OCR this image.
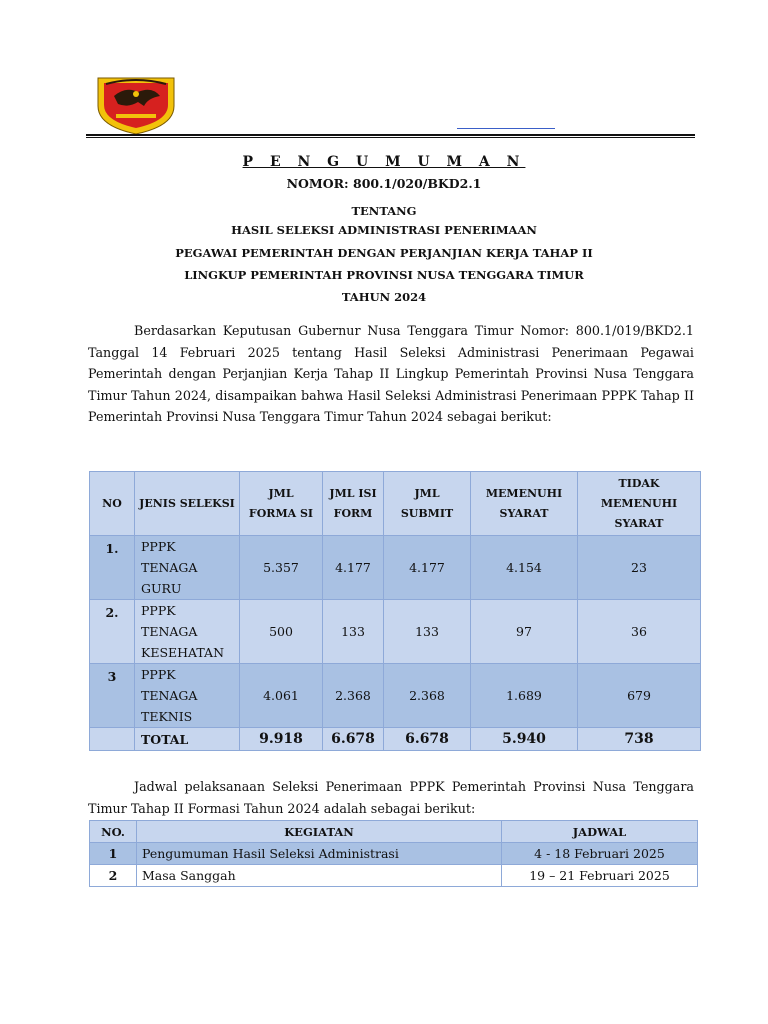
P E N G U M U M A N
NOMOR: 800.1/020/BKD2.1
TENTANG
HASIL SELEKSI ADMINISTRASI PENERIMAAN
PEGAWAI PEMERINTAH DENGAN PERJANJIAN KERJA TAHAP II
LINGKUP PEMERINTAH PROVINSI NUSA TENGGARA TIMUR
TAHUN 2024

Berdasarkan Keputusan Gubernur Nusa Tenggara Timur Nomor: 800.1/019/BKD2.1 Tanggal 14 Februari 2025 tentang Hasil Seleksi Administrasi Penerimaan Pegawai Pemerintah dengan Perjanjian Kerja Tahap II Lingkup Pemerintah Provinsi Nusa Tenggara Timur Tahun 2024, disampaikan bahwa Hasil Seleksi Administrasi Penerimaan PPPK Tahap II Pemerintah Provinsi Nusa Tenggara Timur Tahun 2024 sebagai berikut:

NO	JENIS SELEKSI	JML FORMA SI	JML ISI FORM	JML SUBMIT	MEMENUHI SYARAT	TIDAK MEMENUHI SYARAT
1.	PPPK TENAGA GURU	5.357	4.177	4.177	4.154	23
2.	PPPK TENAGA KESEHATAN	500	133	133	97	36
3	PPPK TENAGA TEKNIS	4.061	2.368	2.368	1.689	679
	TOTAL	9.918	6.678	6.678	5.940	738

Jadwal pelaksanaan Seleksi Penerimaan PPPK Pemerintah Provinsi Nusa Tenggara Timur Tahap II Formasi Tahun 2024 adalah sebagai berikut:

NO.	KEGIATAN	JADWAL
1	Pengumuman Hasil Seleksi Administrasi	4 - 18 Februari 2025
2	Masa Sanggah	19 – 21 Februari 2025
